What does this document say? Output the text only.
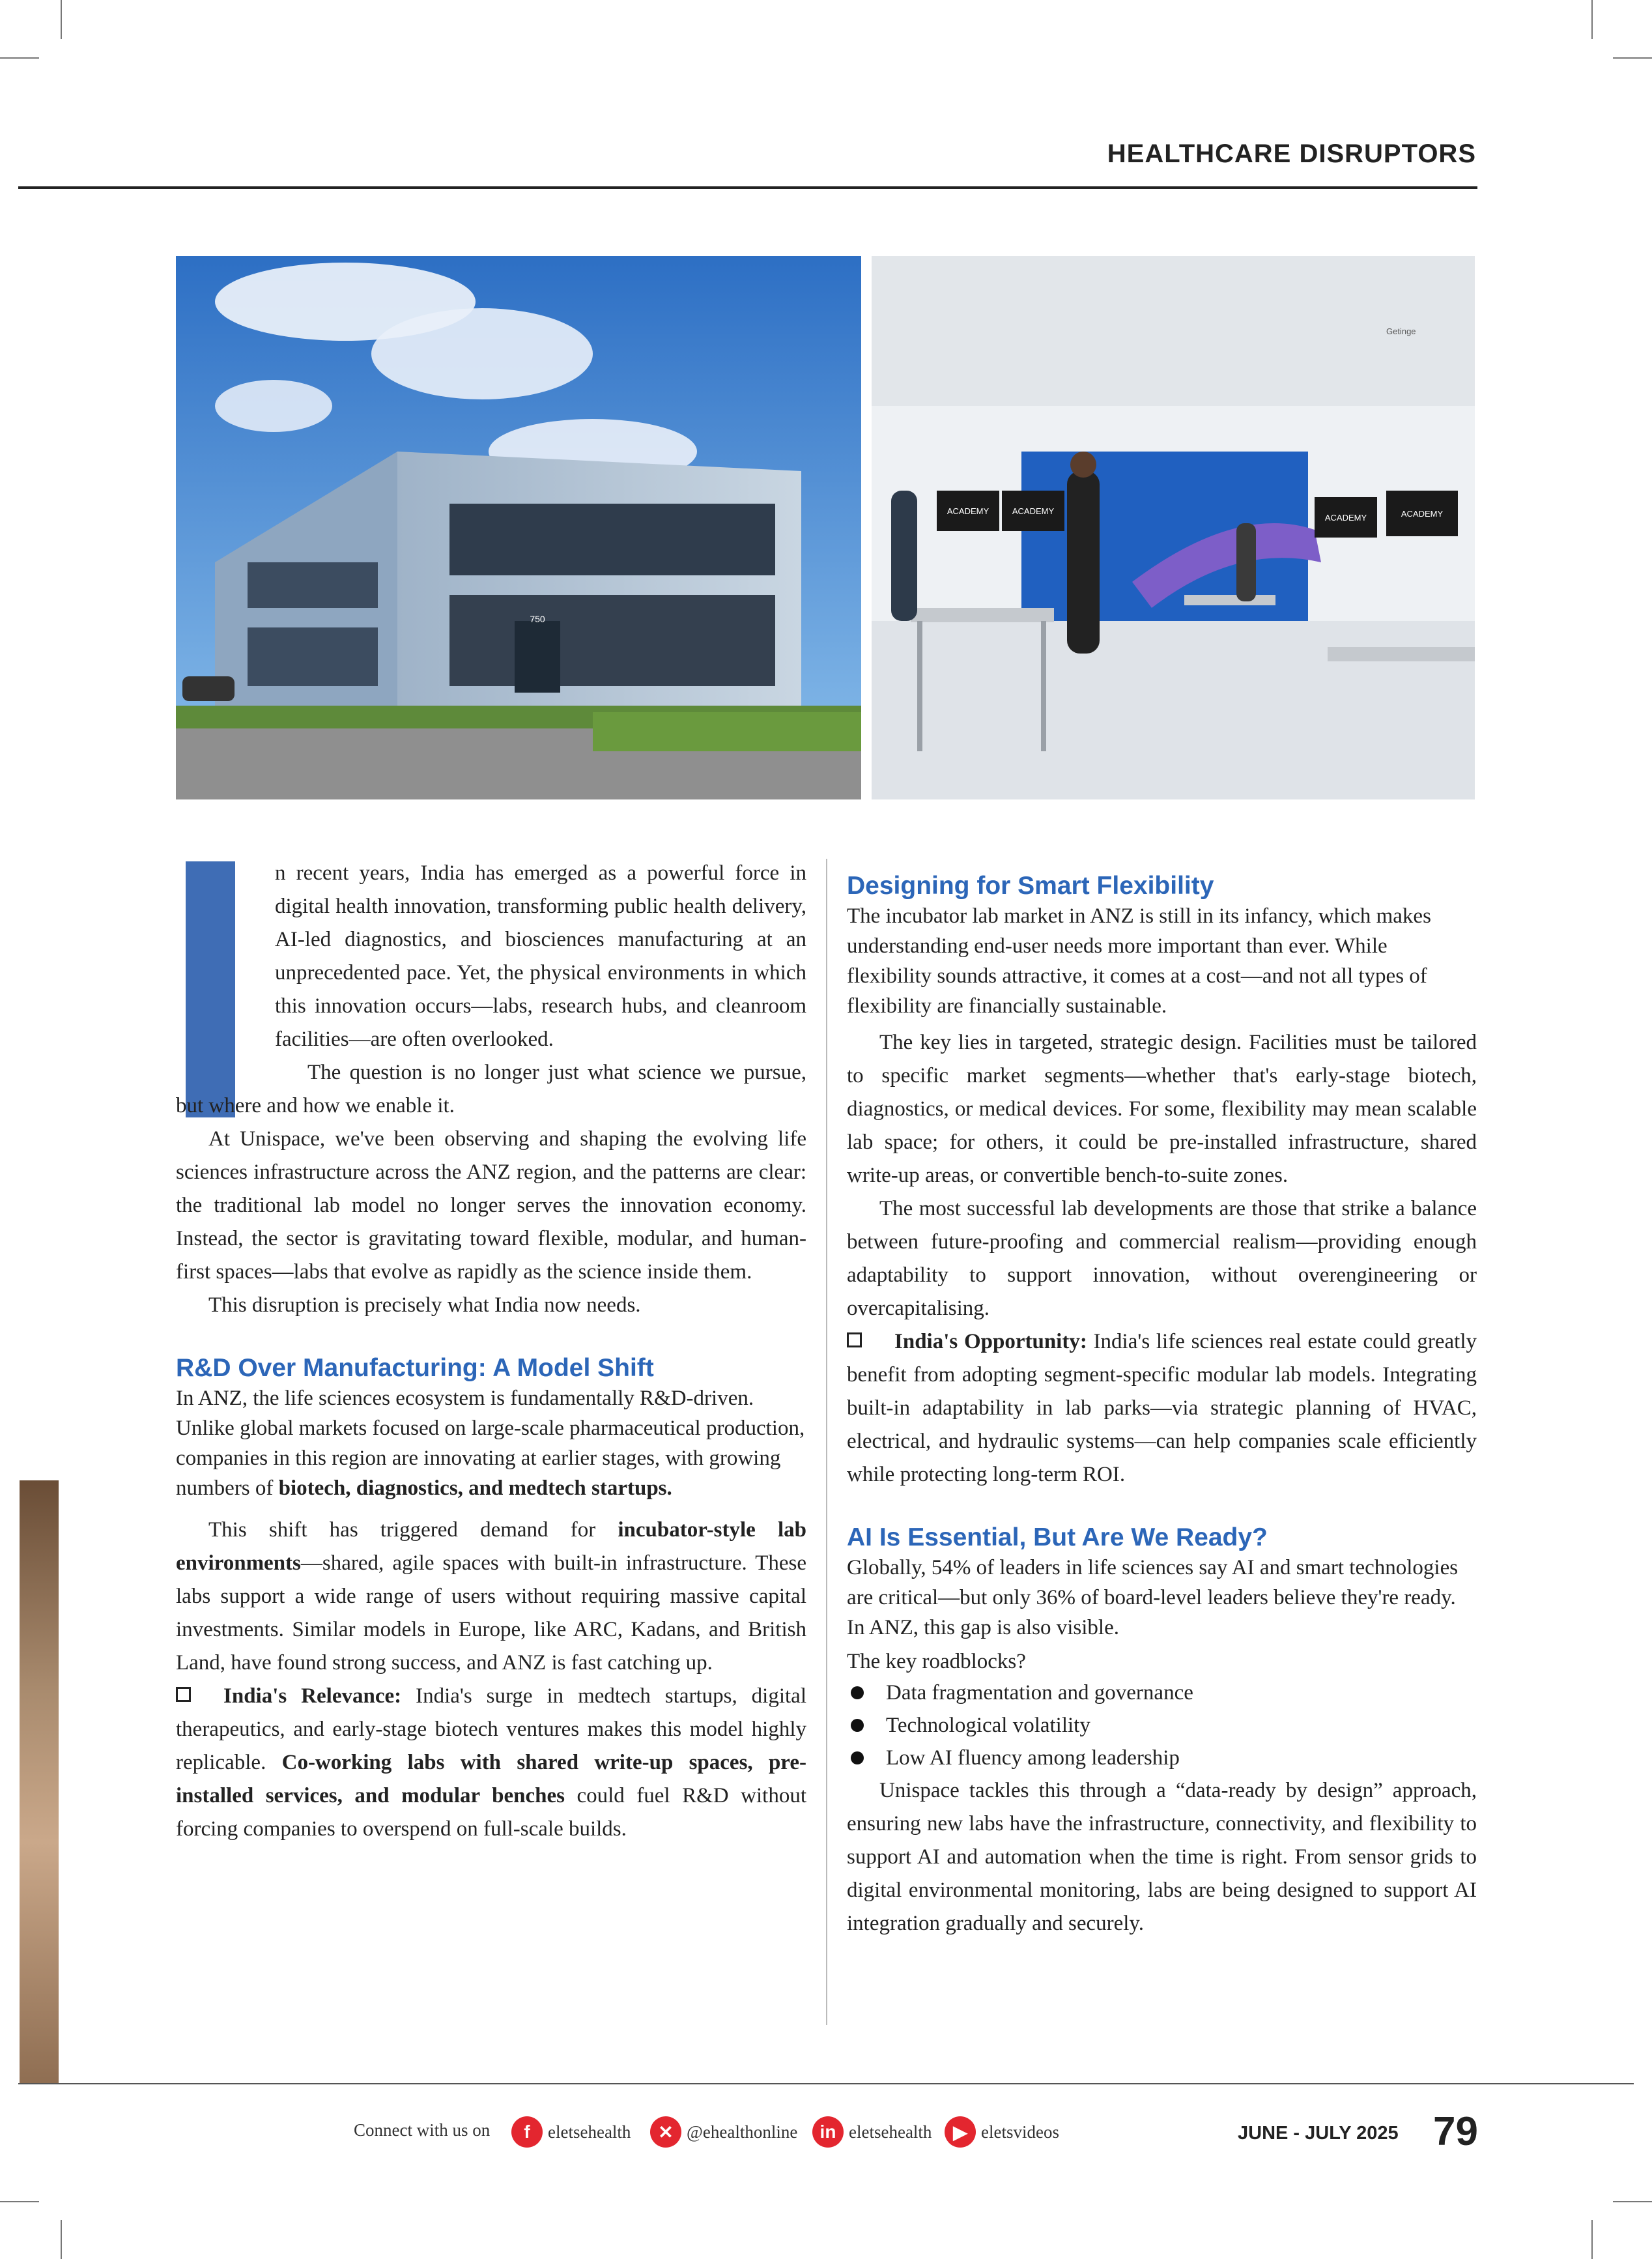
HEALTHCARE DISRUPTORS
750
ACADEMY	ACADEMY
ACADEMY	ACADEMY
Getinge

n recent years, India has emerged as a powerful force in digital health innovation, transforming public health delivery, AI-led diagnostics, and biosciences manufacturing at an unprecedented pace. Yet, the physical environments in which this innovation occurs—labs, research hubs, and cleanroom facilities—are often overlooked.

The question is no longer just what science we pursue, but where and how we enable it.

At Unispace, we've been observing and shaping the evolving life sciences infrastructure across the ANZ region, and the patterns are clear: the traditional lab model no longer serves the innovation economy. Instead, the sector is gravitating toward flexible, modular, and human-first spaces—labs that evolve as rapidly as the science inside them.

This disruption is precisely what India now needs.

R&D Over Manufacturing: A Model Shift

In ANZ, the life sciences ecosystem is fundamentally R&D-driven. Unlike global markets focused on large-scale pharmaceutical production, companies in this region are innovating at earlier stages, with growing numbers of biotech, diagnostics, and medtech startups.

This shift has triggered demand for incubator-style lab environments—shared, agile spaces with built-in infrastructure. These labs support a wide range of users without requiring massive capital investments. Similar models in Europe, like ARC, Kadans, and British Land, have found strong success, and ANZ is fast catching up.

India's Relevance: India's surge in medtech startups, digital therapeutics, and early-stage biotech ventures makes this model highly replicable. Co-working labs with shared write-up spaces, pre-installed services, and modular benches could fuel R&D without forcing companies to overspend on full-scale builds.

Designing for Smart Flexibility

The incubator lab market in ANZ is still in its infancy, which makes understanding end-user needs more important than ever. While flexibility sounds attractive, it comes at a cost—and not all types of flexibility are financially sustainable.

The key lies in targeted, strategic design. Facilities must be tailored to specific market segments—whether that's early-stage biotech, diagnostics, or medical devices. For some, flexibility may mean scalable lab space; for others, it could be pre-installed infrastructure, shared write-up areas, or convertible bench-to-suite zones.

The most successful lab developments are those that strike a balance between future-proofing and commercial realism—providing enough adaptability to support innovation, without overengineering or overcapitalising.

India's Opportunity: India's life sciences real estate could greatly benefit from adopting segment-specific modular lab models. Integrating built-in adaptability in lab parks—via strategic planning of HVAC, electrical, and hydraulic systems—can help companies scale efficiently while protecting long-term ROI.

AI Is Essential, But Are We Ready?

Globally, 54% of leaders in life sciences say AI and smart technologies are critical—but only 36% of board-level leaders believe they're ready. In ANZ, this gap is also visible.

The key roadblocks?

Data fragmentation and governance
Technological volatility
Low AI fluency among leadership

Unispace tackles this through a “data-ready by design” approach, ensuring new labs have the infrastructure, connectivity, and flexibility to support AI and automation when the time is right. From sensor grids to digital environmental monitoring, labs are being designed to support AI integration gradually and securely.

Connect with us on	f	eletsehealth	✕ @ehealthonline	in eletsehealth	▶ eletsvideos	JUNE - JULY 2025 79
